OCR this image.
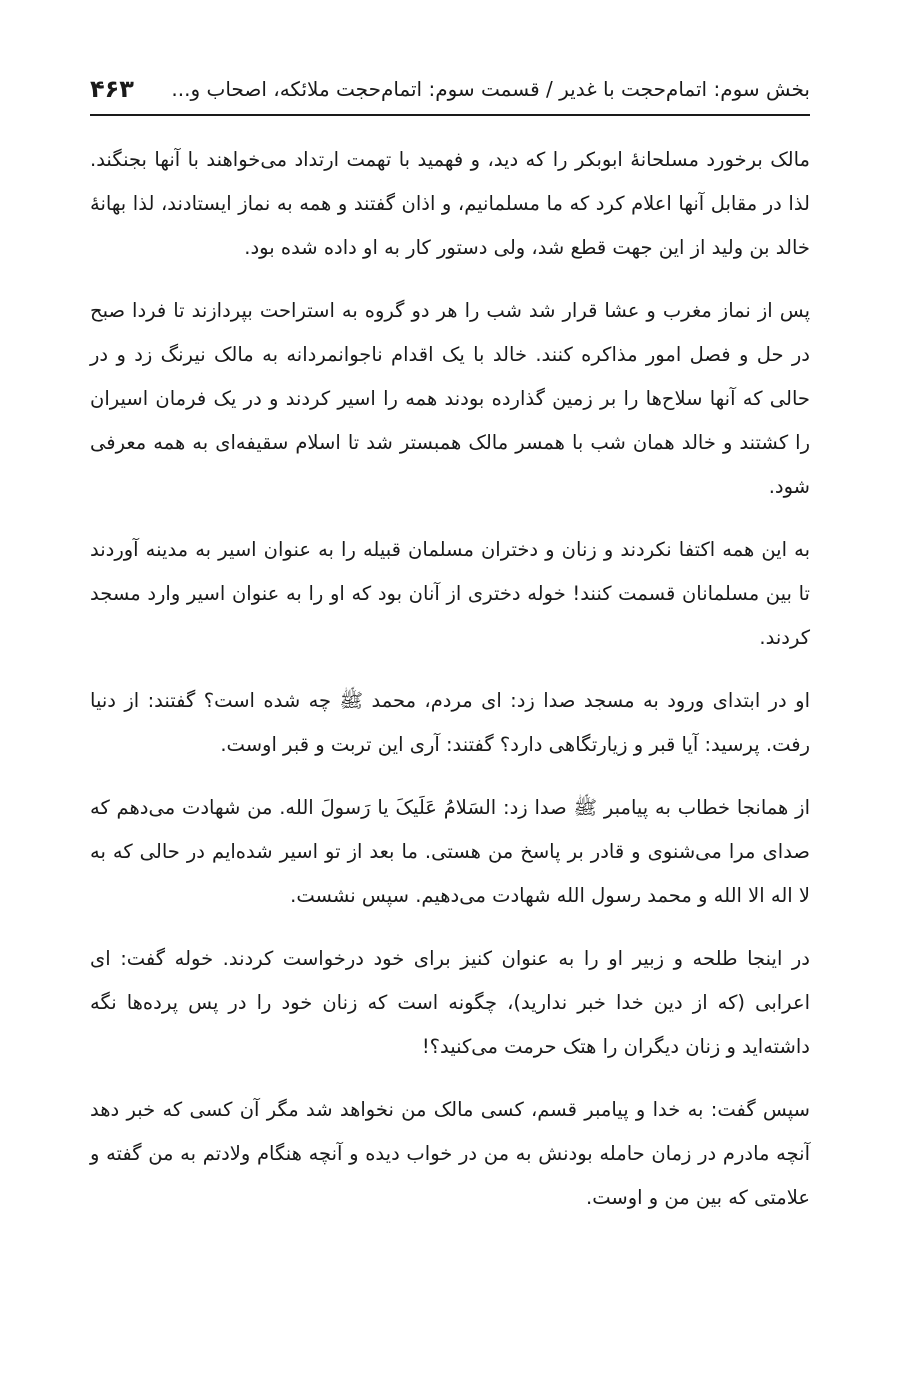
بخش سوم: اتمام‌حجت با غدیر / قسمت سوم: اتمام‌حجت ملائکه، اصحاب و...
۴۶۳

مالک برخورد مسلحانهٔ ابوبکر را که دید، و فهمید با تهمت ارتداد می‌خواهند با آنها بجنگند. لذا در مقابل آنها اعلام کرد که ما مسلمانیم، و اذان گفتند و همه به نماز ایستادند، لذا بهانهٔ خالد بن ولید از این جهت قطع شد، ولی دستور کار به او داده شده بود.

پس از نماز مغرب و عشا قرار شد شب را هر دو گروه به استراحت بپردازند تا فردا صبح در حل و فصل امور مذاکره کنند. خالد با یک اقدام ناجوانمردانه به مالک نیرنگ زد و در حالی که آنها سلاح‌ها را بر زمین گذارده بودند همه را اسیر کردند و در یک فرمان اسیران را کشتند و خالد همان شب با همسر مالک همبستر شد تا اسلام سقیفه‌ای به همه معرفی شود.

به این همه اکتفا نکردند و زنان و دختران مسلمان قبیله را به عنوان اسیر به مدینه آوردند تا بین مسلمانان قسمت کنند! خوله دختری از آنان بود که او را به عنوان اسیر وارد مسجد کردند.

او در ابتدای ورود به مسجد صدا زد: ای مردم، محمد ﷺ چه شده است؟ گفتند: از دنیا رفت. پرسید: آیا قبر و زیارتگاهی دارد؟ گفتند: آری این تربت و قبر اوست.

از همانجا خطاب به پیامبر ﷺ صدا زد: السَلامُ عَلَیکَ یا رَسولَ الله. من شهادت می‌دهم که صدای مرا می‌شنوی و قادر بر پاسخ من هستی. ما بعد از تو اسیر شده‌ایم در حالی که به لا اله الا الله و محمد رسول الله شهادت می‌دهیم. سپس نشست.

در اینجا طلحه و زبیر او را به عنوان کنیز برای خود درخواست کردند. خوله گفت: ای اعرابی (که از دین خدا خبر ندارید)، چگونه است که زنان خود را در پس پرده‌ها نگه داشته‌اید و زنان دیگران را هتک حرمت می‌کنید؟!

سپس گفت: به خدا و پیامبر قسم، کسی مالک من نخواهد شد مگر آن کسی که خبر دهد آنچه مادرم در زمان حامله بودنش به من در خواب دیده و آنچه هنگام ولادتم به من گفته و علامتی که بین من و اوست.
